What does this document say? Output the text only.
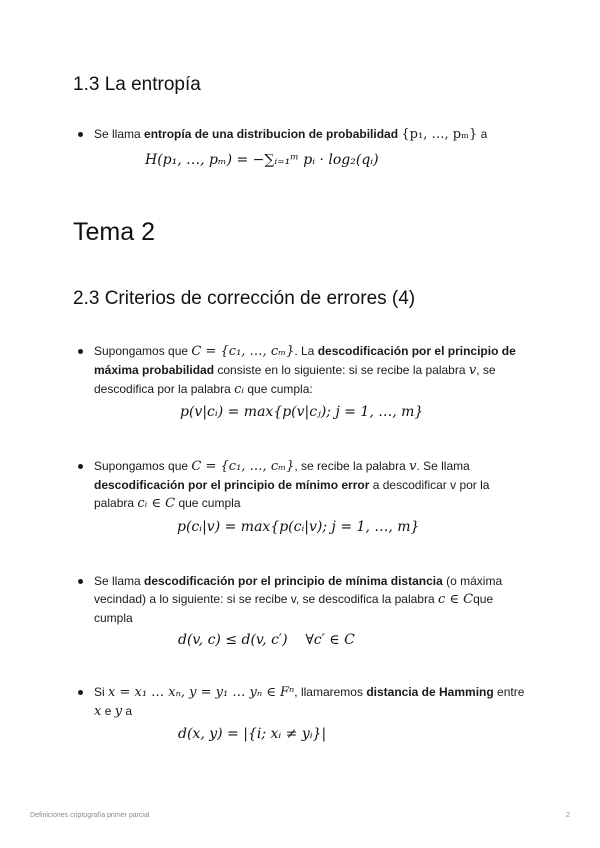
1.3 La entropía

Se llama entropía de una distribucion de probabilidad {p₁, …, pₘ} a

H(p₁, …, pₘ) = −∑ᵢ₌₁ᵐ pᵢ · log₂(qᵢ)
Tema 2
2.3 Criterios de corrección de errores (4)

Supongamos que C = {c₁, …, cₘ}. La descodificación por el principio de máxima probabilidad consiste en lo siguiente: si se recibe la palabra v, se descodifica por la palabra cᵢ que cumpla:

p(v|cᵢ) = max{p(v|cⱼ); j = 1, …, m}

Supongamos que C = {c₁, …, cₘ}, se recibe la palabra v. Se llama descodificación por el principio de mínimo error a descodificar v por la palabra cᵢ ∈ C que cumpla

p(cᵢ|v) = max{p(cᵢ|v); j = 1, …, m}

Se llama descodificación por el principio de mínima distancia (o máxima vecindad) a lo siguiente: si se recibe v, se descodifica la palabra c ∈ Cque cumpla

d(v, c) ≤ d(v, c′)    ∀c′ ∈ C

Si x = x₁ … xₙ, y = y₁ … yₙ ∈ Fⁿ, llamaremos distancia de Hamming entre x e y a

d(x, y) = |{i; xᵢ ≠ yᵢ}|
Definiciones criptografía primer parcial	2
